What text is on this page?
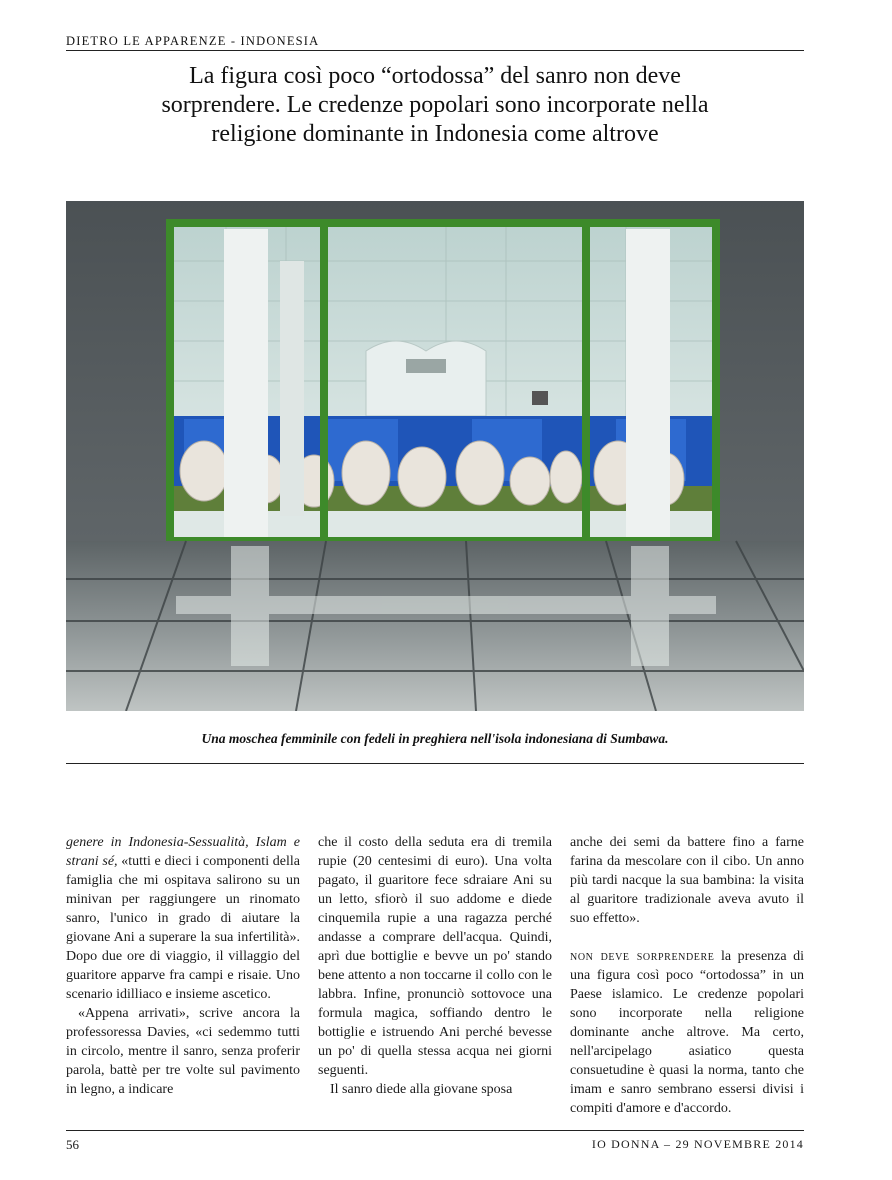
DIETRO LE APPARENZE - INDONESIA
La figura così poco “ortodossa” del sanro non deve
sorprendere. Le credenze popolari sono incorporate nella
religione dominante in Indonesia come altrove
Una moschea femminile con fedeli in preghiera nell'isola indonesiana di Sumbawa.

genere in Indonesia-Sessualità, Islam e strani sé, «tutti e dieci i componenti della famiglia che mi ospitava salirono su un minivan per raggiungere un rinomato sanro, l'unico in grado di aiutare la giovane Ani a superare la sua infertilità». Dopo due ore di viaggio, il villaggio del guaritore apparve fra campi e risaie. Uno scenario idilliaco e insieme ascetico.

«Appena arrivati», scrive ancora la professoressa Davies, «ci sedemmo tutti in circolo, mentre il sanro, senza proferir parola, battè per tre volte sul pavimento in legno, a indicare

che il costo della seduta era di tremila rupie (20 centesimi di euro). Una volta pagato, il guaritore fece sdraiare Ani su un letto, sfiorò il suo addome e diede cinquemila rupie a una ragazza perché andasse a comprare dell'acqua. Quindi, aprì due bottiglie e bevve un po' stando bene attento a non toccarne il collo con le labbra. Infine, pronunciò sottovoce una formula magica, soffiando dentro le bottiglie e istruendo Ani perché bevesse un po' di quella stessa acqua nei giorni seguenti.

Il sanro diede alla giovane sposa

anche dei semi da battere fino a farne farina da mescolare con il cibo. Un anno più tardi nacque la sua bambina: la visita al guaritore tradizionale aveva avuto il suo effetto».

non deve sorprendere la presenza di una figura così poco “ortodossa” in un Paese islamico. Le credenze popolari sono incorporate nella religione dominante anche altrove. Ma certo, nell'arcipelago asiatico questa consuetudine è quasi la norma, tanto che imam e sanro sembrano essersi divisi i compiti d'amore e d'accordo.

56	IO DONNA – 29 NOVEMBRE 2014
